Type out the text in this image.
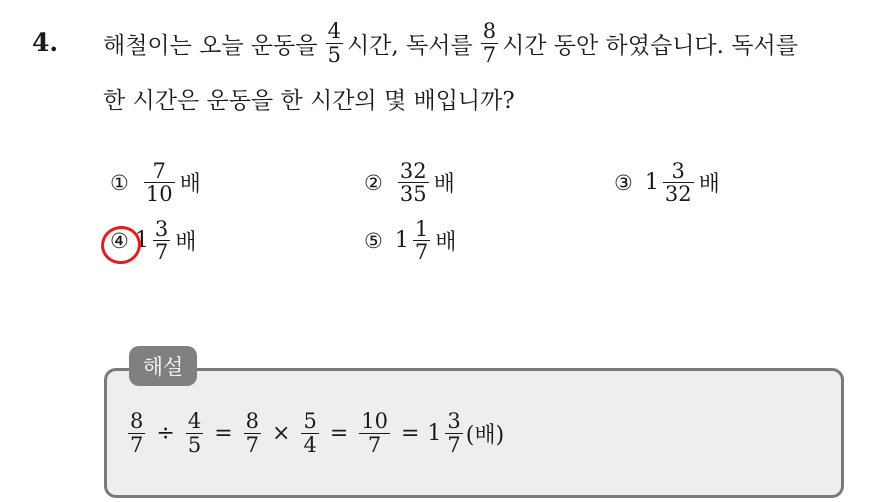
4. 해철이는 오늘 운동을 $\frac{4}{5}$ 시간, 독서를 $\frac{8}{7}$ 시간 동안 하였습니다. 독서를
한 시간은 운동을 한 시간의 몇 배입니까?
① $\frac{7}{10}$ 배	② $\frac{32}{35}$ 배	③ $1 \frac{3}{32}$ 배
④ $1 \frac{3}{7}$ 배	⑤ $1 \frac{1}{7}$ 배
해설
$\frac{8}{7} \div \frac{4}{5} = \frac{8}{7} \times \frac{5}{4} = \frac{10}{7} = 1 \frac{3}{7}$ (배)
